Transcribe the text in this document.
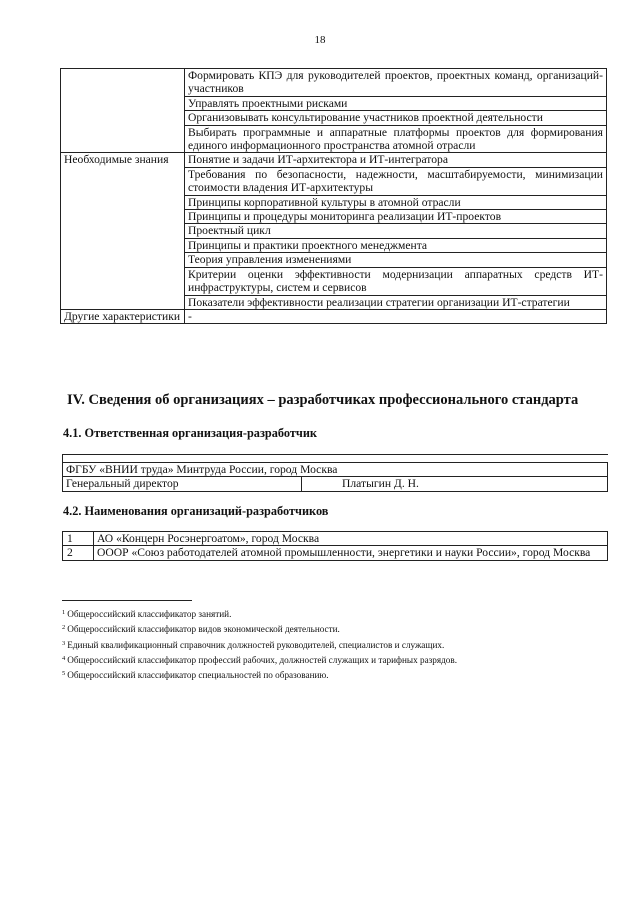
18
	Формировать КПЭ для руководителей проектов, проектных команд, организаций-участников
	Управлять проектными рисками
	Организовывать консультирование участников проектной деятельности
	Выбирать программные и аппаратные платформы проектов для формирования единого информационного пространства атомной отрасли
Необходимые знания	Понятие и задачи ИТ-архитектора и ИТ-интегратора
	Требования по безопасности, надежности, масштабируемости, минимизации стоимости владения ИТ-архитектуры
	Принципы корпоративной культуры в атомной отрасли
	Принципы и процедуры мониторинга реализации ИТ-проектов
	Проектный цикл
	Принципы и практики проектного менеджмента
	Теория управления изменениями
	Критерии оценки эффективности модернизации аппаратных средств ИТ-инфраструктуры, систем и сервисов
	Показатели эффективности реализации стратегии организации ИТ-стратегии
Другие характеристики	-
IV. Сведения об организациях – разработчиках профессионального стандарта
4.1. Ответственная организация-разработчик

ФГБУ «ВНИИ труда» Минтруда России, город Москва
Генеральный директор	Платыгин Д. Н.
4.2. Наименования организаций-разработчиков
1	АО «Концерн Росэнергоатом», город Москва
2	ОООР «Союз работодателей атомной промышленности, энергетики и науки России», город Москва
$^1$ Общероссийский классификатор занятий.
$^2$ Общероссийский классификатор видов экономической деятельности.
$^3$ Единый квалификационный справочник должностей руководителей, специалистов и служащих.
$^4$ Общероссийский классификатор профессий рабочих, должностей служащих и тарифных разрядов.
$^5$ Общероссийский классификатор специальностей по образованию.
